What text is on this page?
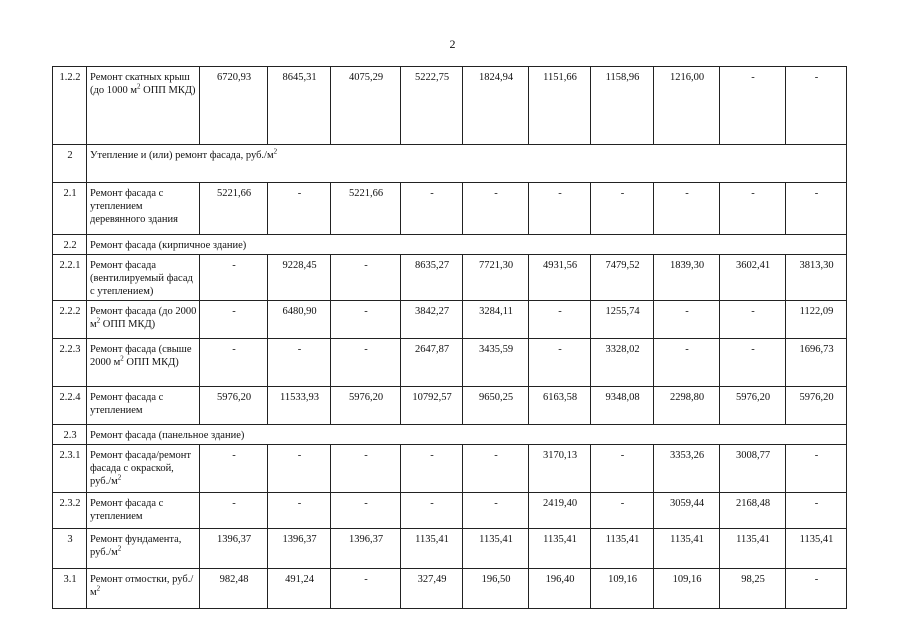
2
1.2.2	Ремонт скатных крыш (до 1000 $м^2$ ОПП МКД)	6720,93	8645,31	4075,29	5222,75	1824,94	1151,66	1158,96	1216,00	-	-
2	Утепление и (или) ремонт фасада, $руб./м^2$
2.1	Ремонт фасада с утеплением деревянного здания	5221,66	-	5221,66	-	-	-	-	-	-	-
2.2	Ремонт фасада (кирпичное здание)										
2.2.1	Ремонт фасада (вентилируемый фасад с утеплением)	-	9228,45	-	8635,27	7721,30	4931,56	7479,52	1839,30	3602,41	3813,30
2.2.2	Ремонт фасада (до 2000 $м^2$ ОПП МКД)	-	6480,90	-	3842,27	3284,11	-	1255,74	-	-	1122,09
2.2.3	Ремонт фасада (свыше 2000 $м^2$ ОПП МКД)	-	-	-	2647,87	3435,59	-	3328,02	-	-	1696,73
2.2.4	Ремонт фасада с утеплением	5976,20	11533,93	5976,20	10792,57	9650,25	6163,58	9348,08	2298,80	5976,20	5976,20
2.3	Ремонт фасада (панельное здание)										
2.3.1	Ремонт фасада/ремонт фасада с окраской, $руб./м^2$	-	-	-	-	-	3170,13	-	3353,26	3008,77	-
2.3.2	Ремонт фасада с утеплением	-	-	-	-	-	2419,40	-	3059,44	2168,48	-
3	Ремонт фундамента, $руб./м^2$	1396,37	1396,37	1396,37	1135,41	1135,41	1135,41	1135,41	1135,41	1135,41	1135,41
3.1	Ремонт отмостки, $руб./м^2$	982,48	491,24	-	327,49	196,50	196,40	109,16	109,16	98,25	-
